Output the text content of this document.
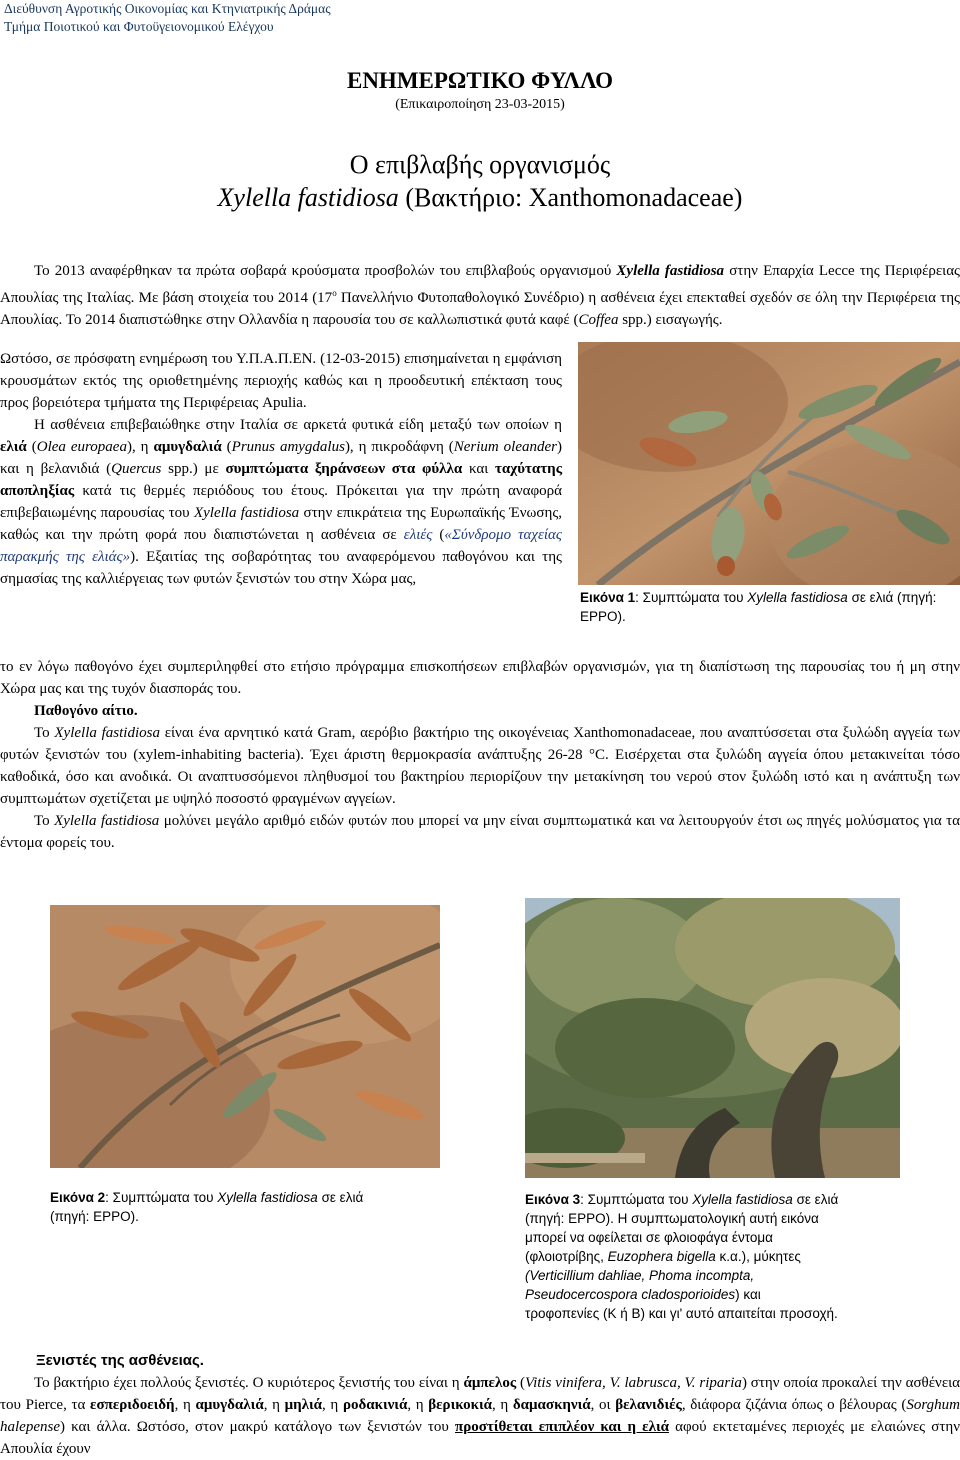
Διεύθυνση Αγροτικής Οικονομίας και Κτηνιατρικής Δράμας
Τμήμα Ποιοτικού και Φυτοϋγειονομικού Ελέγχου
ΕΝΗΜΕΡΩΤΙΚΟ ΦΥΛΛΟ
(Επικαιροποίηση 23-03-2015)
Ο επιβλαβής οργανισμός
Xylella fastidiosa (Βακτήριο: Xanthomonadaceae)

Το 2013 αναφέρθηκαν τα πρώτα σοβαρά κρούσματα προσβολών του επιβλαβούς οργανισμού Xylella fastidiosa στην Επαρχία Lecce της Περιφέρειας Απουλίας της Ιταλίας. Με βάση στοιχεία του 2014 ($17^o$ Πανελλήνιο Φυτοπαθολογικό Συνέδριο) η ασθένεια έχει επεκταθεί σχεδόν σε όλη την Περιφέρεια της Απουλίας. Το 2014 διαπιστώθηκε στην Ολλανδία η παρουσία του σε καλλωπιστικά φυτά καφέ (Coffea spp.) εισαγωγής.

Ωστόσο, σε πρόσφατη ενημέρωση του Υ.Π.Α.Π.ΕΝ. (12-03-2015) επισημαίνεται η εμφάνιση κρουσμάτων εκτός της οριοθετημένης περιοχής καθώς και η προοδευτική επέκταση τους προς βορειότερα τμήματα της Περιφέρειας Apulia.

Η ασθένεια επιβεβαιώθηκε στην Ιταλία σε αρκετά φυτικά είδη μεταξύ των οποίων η ελιά (Olea europaea), η αμυγδαλιά (Prunus amygdalus), η πικροδάφνη (Nerium oleander) και η βελανιδιά (Quercus spp.) με συμπτώματα ξηράνσεων στα φύλλα και ταχύτατης αποπληξίας κατά τις θερμές περιόδους του έτους. Πρόκειται για την πρώτη αναφορά επιβεβαιωμένης παρουσίας του Xylella fastidiosa στην επικράτεια της Ευρωπαϊκής Ένωσης, καθώς και την πρώτη φορά που διαπιστώνεται η ασθένεια σε ελιές («Σύνδρομο ταχείας παρακμής της ελιάς»). Εξαιτίας της σοβαρότητας του αναφερόμενου παθογόνου και της σημασίας της καλλιέργειας των φυτών ξενιστών του στην Χώρα μας,

το εν λόγω παθογόνο έχει συμπεριληφθεί στο ετήσιο πρόγραμμα επισκοπήσεων επιβλαβών οργανισμών, για τη διαπίστωση της παρουσίας του ή μη στην Χώρα μας και της τυχόν διασποράς του.

Εικόνα 1: Συμπτώματα του Xylella fastidiosa σε ελιά (πηγή: EPPO).

Παθογόνο αίτιο.

Το Xylella fastidiosa είναι ένα αρνητικό κατά Gram, αερόβιο βακτήριο της οικογένειας Xanthomonadaceae, που αναπτύσσεται στα ξυλώδη αγγεία των φυτών ξενιστών του (xylem-inhabiting bacteria). Έχει άριστη θερμοκρασία ανάπτυξης 26-28 °C. Εισέρχεται στα ξυλώδη αγγεία όπου μετακινείται τόσο καθοδικά, όσο και ανοδικά. Οι αναπτυσσόμενοι πληθυσμοί του βακτηρίου περιορίζουν την μετακίνηση του νερού στον ξυλώδη ιστό και η ανάπτυξη των συμπτωμάτων σχετίζεται με υψηλό ποσοστό φραγμένων αγγείων.

Το Xylella fastidiosa μολύνει μεγάλο αριθμό ειδών φυτών που μπορεί να μην είναι συμπτωματικά και να λειτουργούν έτσι ως πηγές μολύσματος για τα έντομα φορείς του.

Εικόνα 2: Συμπτώματα του Xylella fastidiosa σε ελιά
(πηγή: EPPO).
Εικόνα 3: Συμπτώματα του Xylella fastidiosa σε ελιά
(πηγή: EPPO). Η συμπτωματολογική αυτή εικόνα
μπορεί να οφείλεται σε φλοιοφάγα έντομα
(φλοιοτρίβης, Euzophera bigella κ.α.), μύκητες
(Verticillium dahliae, Phoma incompta,
Pseudocercospora cladosporioides) και
τροφοπενίες (Κ ή Β) και γι' αυτό απαιτείται προσοχή.

Ξενιστές της ασθένειας.

Το βακτήριο έχει πολλούς ξενιστές. Ο κυριότερος ξενιστής του είναι η άμπελος (Vitis vinifera, V. labrusca, V. riparia) στην οποία προκαλεί την ασθένεια του Pierce, τα εσπεριδοειδή, η αμυγδαλιά, η μηλιά, η ροδακινιά, η βερικοκιά, η δαμασκηνιά, οι βελανιδιές, διάφορα ζιζάνια όπως ο βέλουρας (Sorghum halepense) και άλλα. Ωστόσο, στον μακρύ κατάλογο των ξενιστών του προστίθεται επιπλέον και η ελιά αφού εκτεταμένες περιοχές με ελαιώνες στην Απουλία έχουν
